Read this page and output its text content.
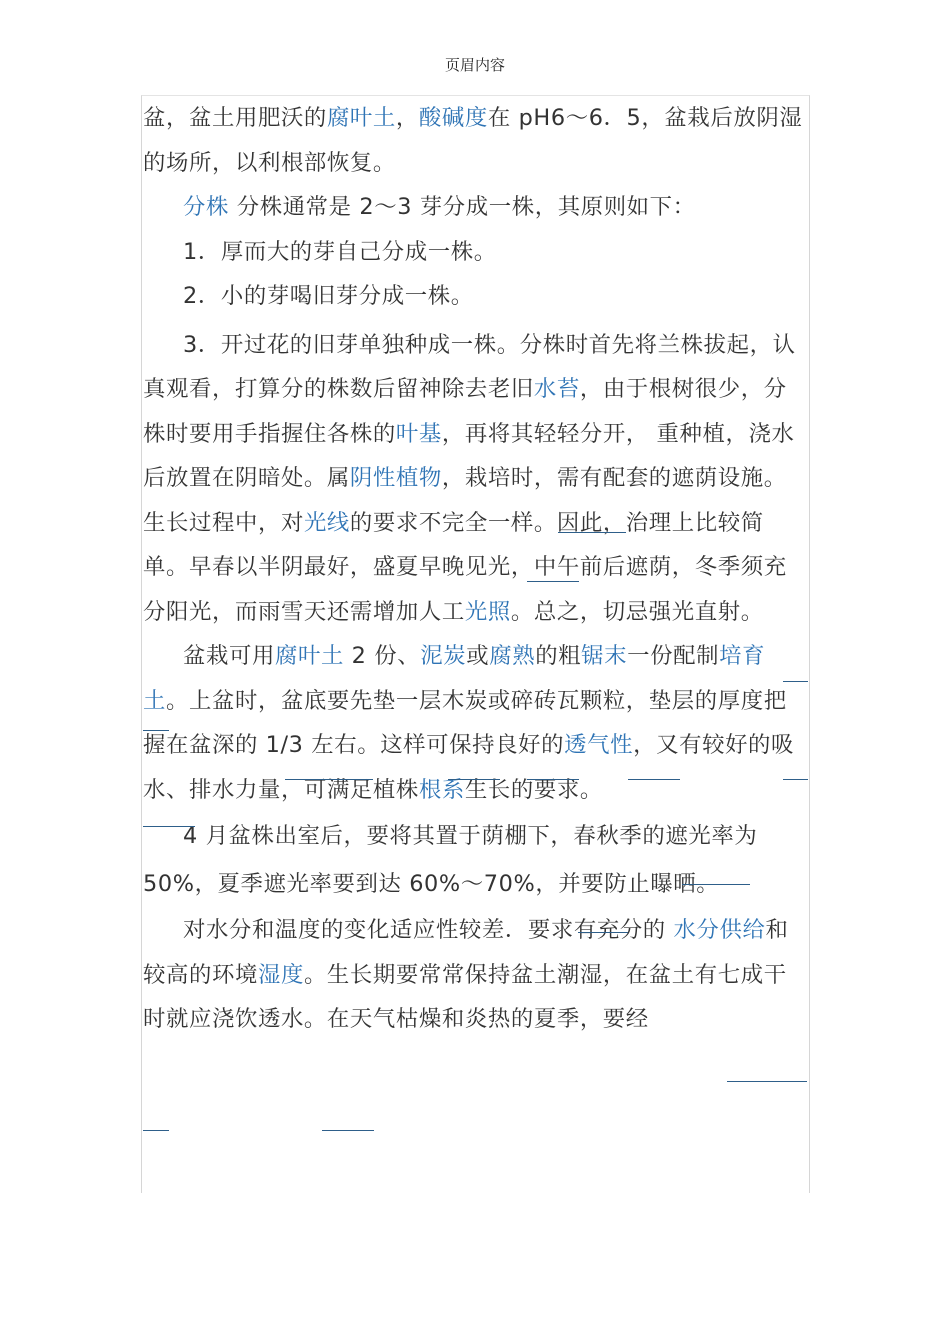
页眉内容

盆，盆土用肥沃的腐叶土，酸碱度在 pH6～6．5，盆栽后放阴湿的场所，以利根部恢复。

分株 分株通常是 2～3 芽分成一株，其原则如下：

1．厚而大的芽自己分成一株。

2．小的芽喝旧芽分成一株。

3．开过花的旧芽单独种成一株。分株时首先将兰株拔起，认真观看，打算分的株数后留神除去老旧水苔，由于根树很少，分株时要用手指握住各株的叶基，再将其轻轻分开， 重种植，浇水后放置在阴暗处。属阴性植物，栽培时，需有配套的遮荫设施。生长过程中，对光线的要求不完全一样。因此，治理上比较简单。早春以半阴最好，盛夏早晚见光，中午前后遮荫，冬季须充分阳光，而雨雪天还需增加人工光照。总之，切忌强光直射。

盆栽可用腐叶土 2 份、泥炭或腐熟的粗锯末一份配制培育土。上盆时，盆底要先垫一层木炭或碎砖瓦颗粒，垫层的厚度把握在盆深的 1/3 左右。这样可保持良好的透气性，又有较好的吸水、排水力量，可满足植株根系生长的要求。

4 月盆株出室后，要将其置于荫棚下，春秋季的遮光率为 50%，夏季遮光率要到达 60%～70%，并要防止曝晒。

对水分和温度的变化适应性较差．要求有充分的 水分供给和较高的环境湿度。生长期要常常保持盆土潮湿，在盆土有七成干时就应浇饮透水。在天气枯燥和炎热的夏季，要经
